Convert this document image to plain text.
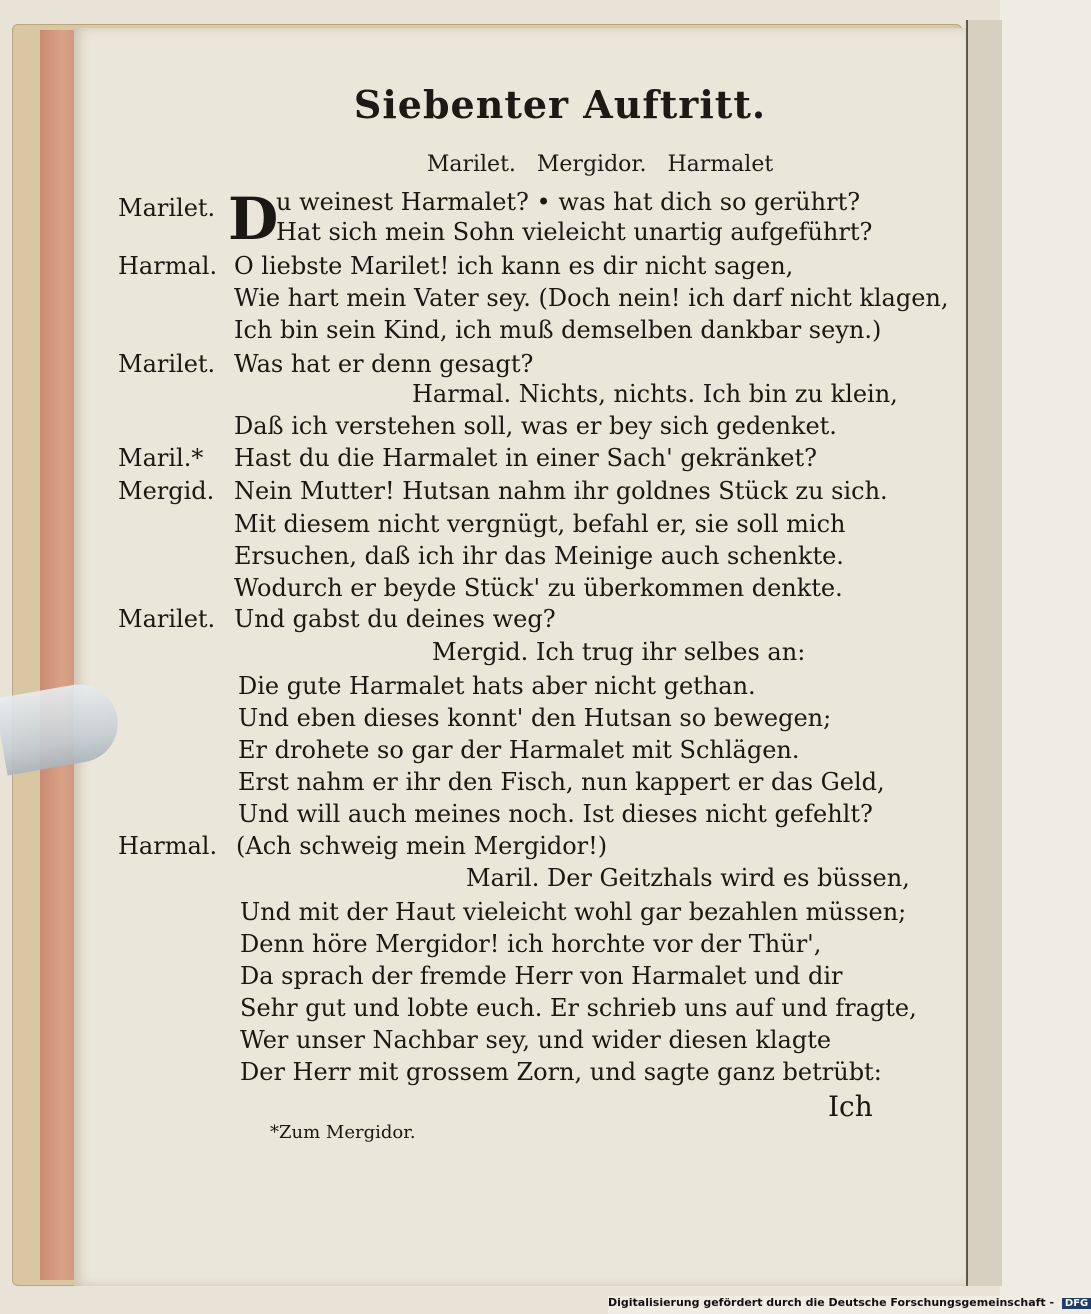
Siebenter Auftritt.
Marilet. Mergidor. Harmalet
D
Marilet.
Harmal.
Marilet.
Maril.*
Mergid.
Marilet.
Harmal.
u weinest Harmalet? • was hat dich so gerührt?
Hat sich mein Sohn vieleicht unartig aufgeführt?
O liebste Marilet! ich kann es dir nicht sagen,
Wie hart mein Vater sey. (Doch nein! ich darf nicht klagen,
Ich bin sein Kind, ich muß demselben dankbar seyn.)
Was hat er denn gesagt?
Harmal. Nichts, nichts. Ich bin zu klein,
Daß ich verstehen soll, was er bey sich gedenket.
Hast du die Harmalet in einer Sach' gekränket?
Nein Mutter! Hutsan nahm ihr goldnes Stück zu sich.
Mit diesem nicht vergnügt, befahl er, sie soll mich
Ersuchen, daß ich ihr das Meinige auch schenkte.
Wodurch er beyde Stück' zu überkommen denkte.
Und gabst du deines weg?
Mergid. Ich trug ihr selbes an:
Die gute Harmalet hats aber nicht gethan.
Und eben dieses konnt' den Hutsan so bewegen;
Er drohete so gar der Harmalet mit Schlägen.
Erst nahm er ihr den Fisch, nun kappert er das Geld,
Und will auch meines noch. Ist dieses nicht gefehlt?
(Ach schweig mein Mergidor!)
Maril. Der Geitzhals wird es büssen,
Und mit der Haut vieleicht wohl gar bezahlen müssen;
Denn höre Mergidor! ich horchte vor der Thür',
Da sprach der fremde Herr von Harmalet und dir
Sehr gut und lobte euch. Er schrieb uns auf und fragte,
Wer unser Nachbar sey, und wider diesen klagte
Der Herr mit grossem Zorn, und sagte ganz betrübt:
Ich
*Zum Mergidor.
Digitalisierung gefördert durch die Deutsche Forschungsgemeinschaft - DFG
